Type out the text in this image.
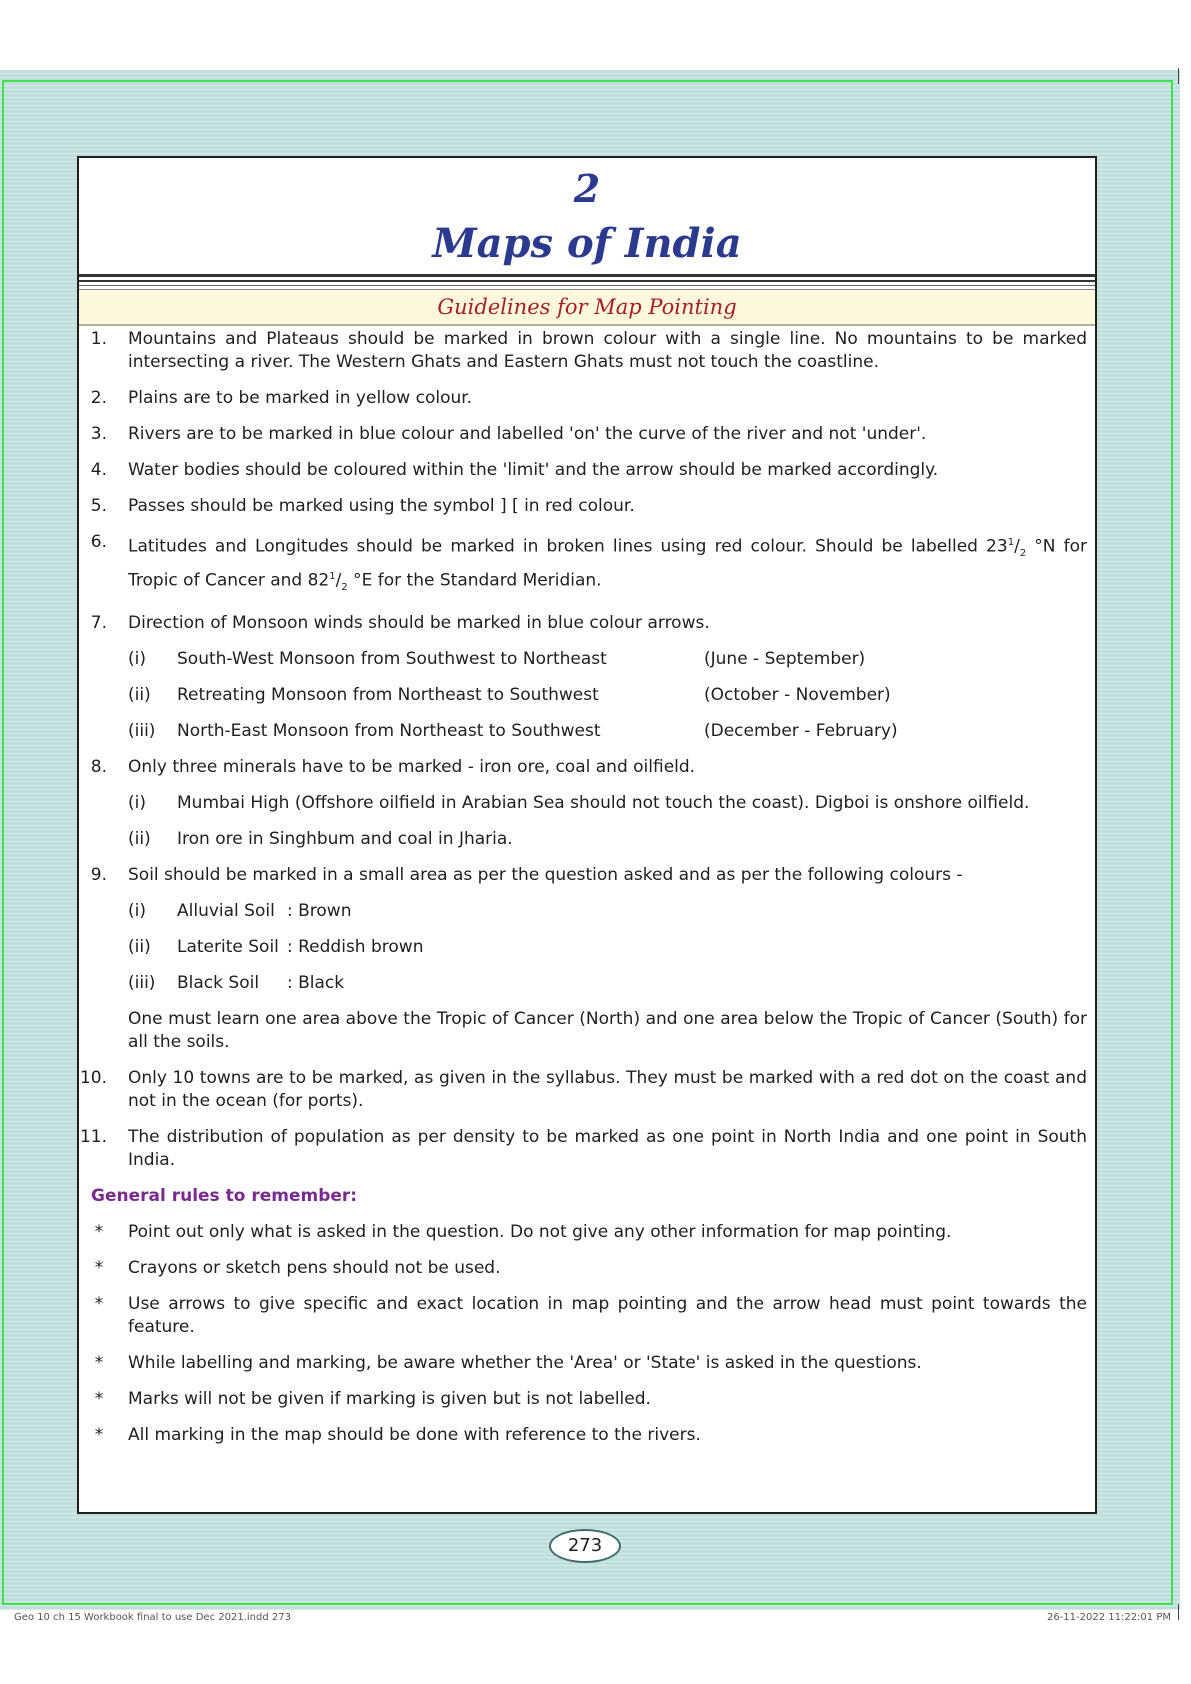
2
Maps of India
Guidelines for Map Pointing
1. Mountains and Plateaus should be marked in brown colour with a single line. No mountains to be marked intersecting a river. The Western Ghats and Eastern Ghats must not touch the coastline.
2. Plains are to be marked in yellow colour.
3. Rivers are to be marked in blue colour and labelled 'on' the curve of the river and not 'under'.
4. Water bodies should be coloured within the 'limit' and the arrow should be marked accordingly.
5. Passes should be marked using the symbol ] [ in red colour.
6. Latitudes and Longitudes should be marked in broken lines using red colour. Should be labelled $23^1/_2$ °N for Tropic of Cancer and $82^1/_2$ °E for the Standard Meridian.
7. Direction of Monsoon winds should be marked in blue colour arrows.
(i) South-West Monsoon from Southwest to Northeast	(June - September)
(ii) Retreating Monsoon from Northeast to Southwest	(October - November)
(iii) North-East Monsoon from Northeast to Southwest	(December - February)
8. Only three minerals have to be marked - iron ore, coal and oilfield.
(i) Mumbai High (Offshore oilfield in Arabian Sea should not touch the coast). Digboi is onshore oilfield.
(ii) Iron ore in Singhbum and coal in Jharia.
9. Soil should be marked in a small area as per the question asked and as per the following colours -
(i) Alluvial Soil : Brown
(ii) Laterite Soil : Reddish brown
(iii) Black Soil : Black
One must learn one area above the Tropic of Cancer (North) and one area below the Tropic of Cancer (South) for all the soils.
10. Only 10 towns are to be marked, as given in the syllabus. They must be marked with a red dot on the coast and not in the ocean (for ports).
11. The distribution of population as per density to be marked as one point in North India and one point in South India.
General rules to remember:
* Point out only what is asked in the question. Do not give any other information for map pointing.
* Crayons or sketch pens should not be used.
* Use arrows to give specific and exact location in map pointing and the arrow head must point towards the feature.
* While labelling and marking, be aware whether the 'Area' or 'State' is asked in the questions.
* Marks will not be given if marking is given but is not labelled.
* All marking in the map should be done with reference to the rivers.
273
Geo 10 ch 15 Workbook final to use Dec 2021.indd 273	26-11-2022 11:22:01 PM
